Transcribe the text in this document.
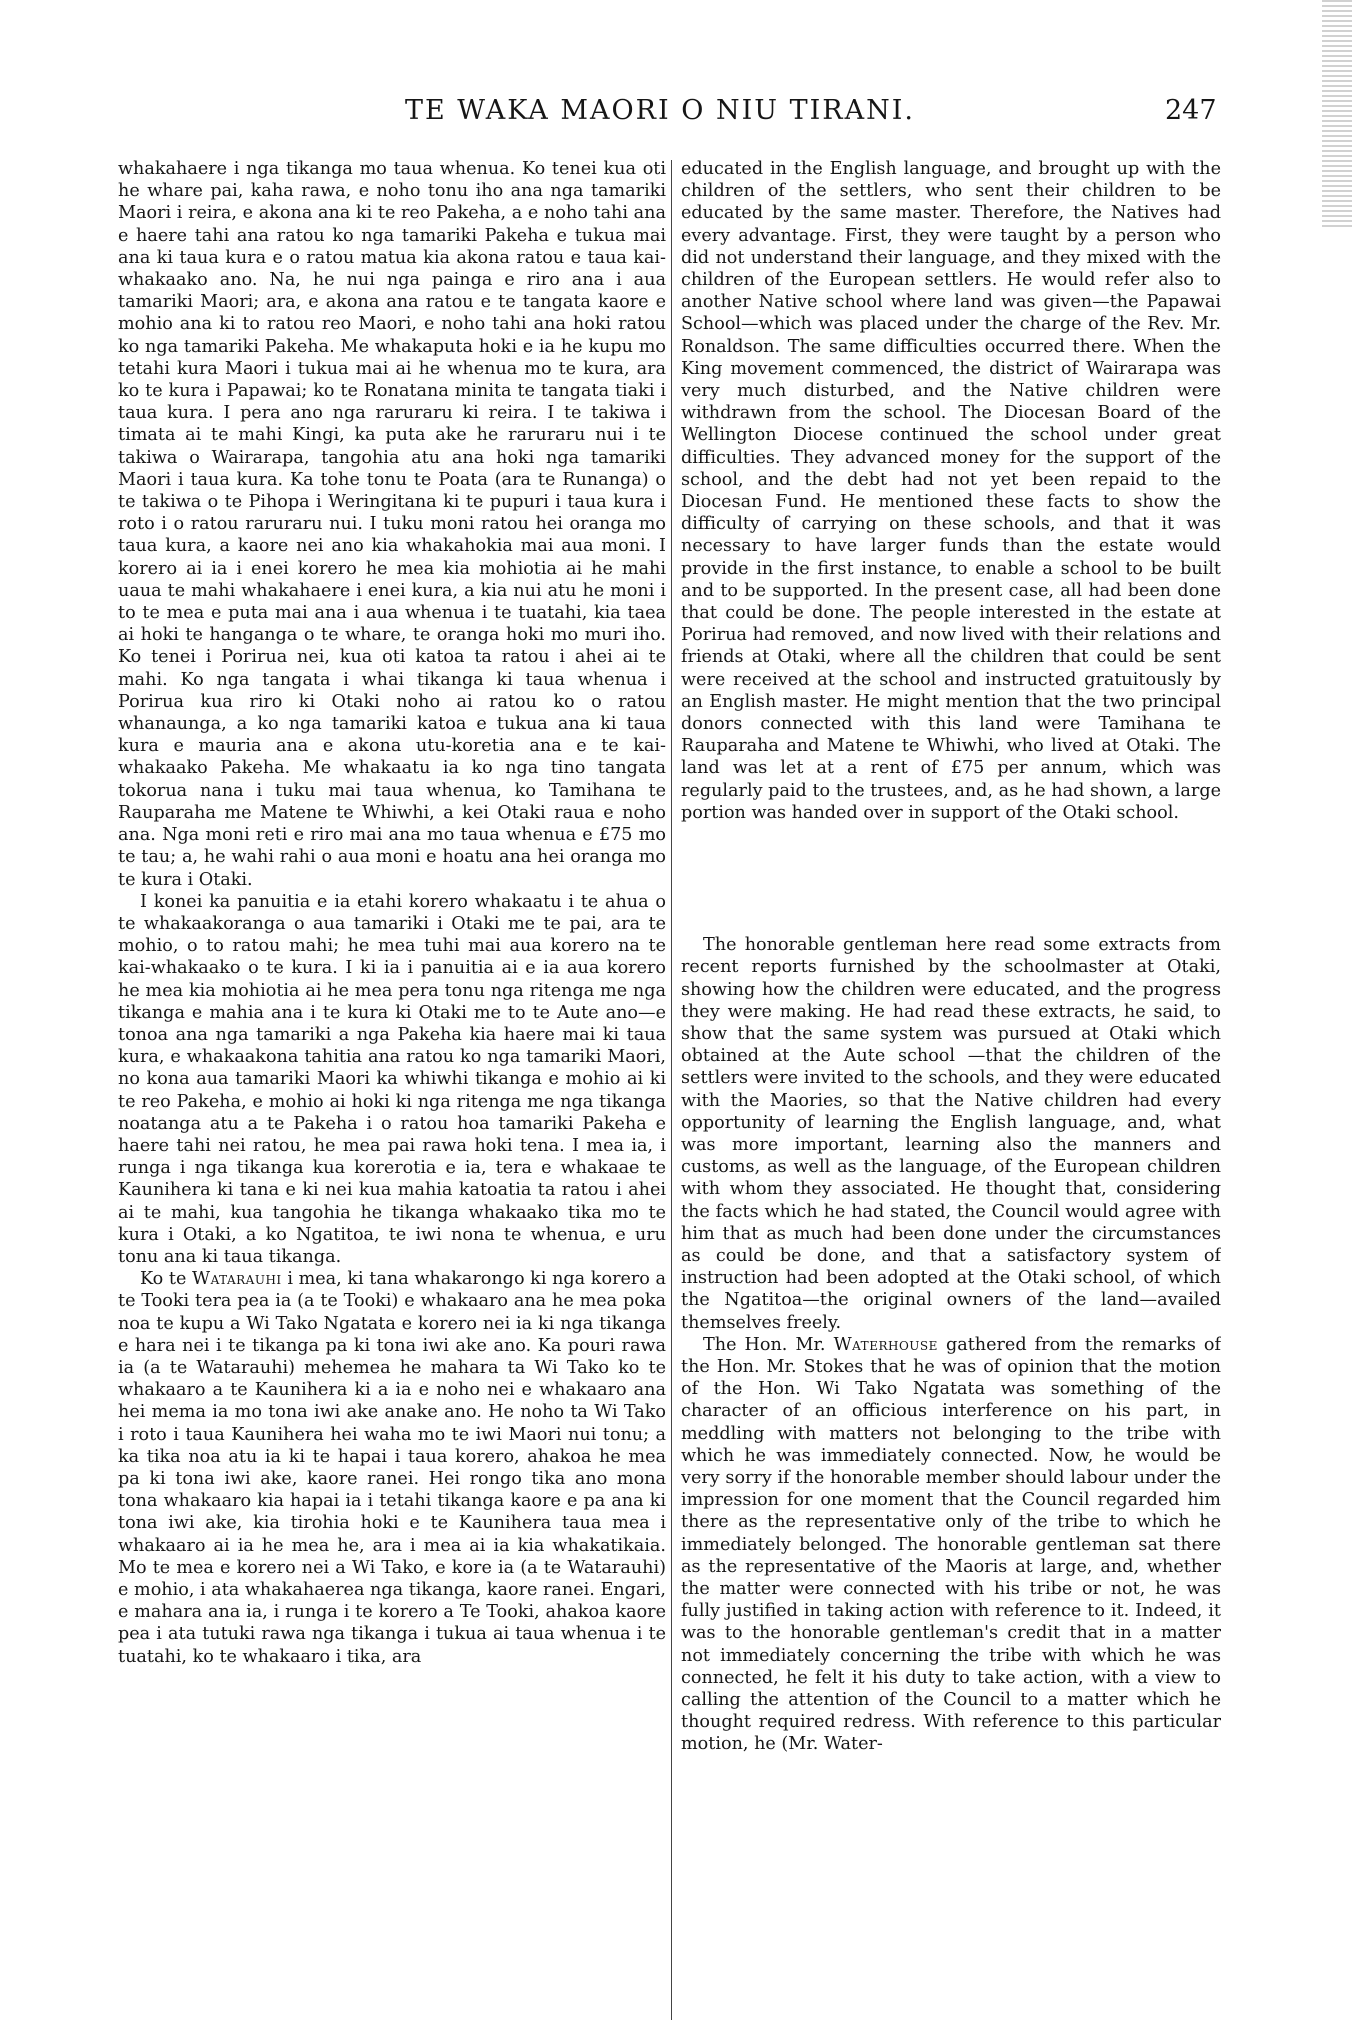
TE WAKA MAORI O NIU TIRANI.	247

whakahaere i nga tikanga mo taua whenua. Ko tenei kua oti he whare pai, kaha rawa, e noho tonu iho ana nga tamariki Maori i reira, e akona ana ki te reo Pakeha, a e noho tahi ana e haere tahi ana ratou ko nga tamariki Pakeha e tukua mai ana ki taua kura e o ratou matua kia akona ratou e taua kai-whakaako ano. Na, he nui nga painga e riro ana i aua tamariki Maori; ara, e akona ana ratou e te tangata kaore e mohio ana ki to ratou reo Maori, e noho tahi ana hoki ratou ko nga tamariki Pakeha. Me whakaputa hoki e ia he kupu mo tetahi kura Maori i tukua mai ai he whenua mo te kura, ara ko te kura i Papawai; ko te Ronatana minita te tangata tiaki i taua kura. I pera ano nga raruraru ki reira. I te takiwa i timata ai te mahi Kingi, ka puta ake he raruraru nui i te takiwa o Wairarapa, tangohia atu ana hoki nga tamariki Maori i taua kura. Ka tohe tonu te Poata (ara te Runanga) o te takiwa o te Pihopa i Weringitana ki te pupuri i taua kura i roto i o ratou raruraru nui. I tuku moni ratou hei oranga mo taua kura, a kaore nei ano kia whakahokia mai aua moni. I korero ai ia i enei korero he mea kia mohiotia ai he mahi uaua te mahi whakahaere i enei kura, a kia nui atu he moni i to te mea e puta mai ana i aua whenua i te tuatahi, kia taea ai hoki te hanganga o te whare, te oranga hoki mo muri iho. Ko tenei i Porirua nei, kua oti katoa ta ratou i ahei ai te mahi. Ko nga tangata i whai tikanga ki taua whenua i Porirua kua riro ki Otaki noho ai ratou ko o ratou whanaunga, a ko nga tamariki katoa e tukua ana ki taua kura e mauria ana e akona utu-koretia ana e te kai-whakaako Pakeha. Me whakaatu ia ko nga tino tangata tokorua nana i tuku mai taua whenua, ko Tamihana te Rauparaha me Matene te Whiwhi, a kei Otaki raua e noho ana. Nga moni reti e riro mai ana mo taua whenua e £75 mo te tau; a, he wahi rahi o aua moni e hoatu ana hei oranga mo te kura i Otaki.

I konei ka panuitia e ia etahi korero whakaatu i te ahua o te whakaakoranga o aua tamariki i Otaki me te pai, ara te mohio, o to ratou mahi; he mea tuhi mai aua korero na te kai-whakaako o te kura. I ki ia i panuitia ai e ia aua korero he mea kia mohiotia ai he mea pera tonu nga ritenga me nga tikanga e mahia ana i te kura ki Otaki me to te Aute ano—e tonoa ana nga tamariki a nga Pakeha kia haere mai ki taua kura, e whakaakona tahitia ana ratou ko nga tamariki Maori, no kona aua tamariki Maori ka whiwhi tikanga e mohio ai ki te reo Pakeha, e mohio ai hoki ki nga ritenga me nga tikanga noatanga atu a te Pakeha i o ratou hoa tamariki Pakeha e haere tahi nei ratou, he mea pai rawa hoki tena. I mea ia, i runga i nga tikanga kua korerotia e ia, tera e whakaae te Kaunihera ki tana e ki nei kua mahia katoatia ta ratou i ahei ai te mahi, kua tangohia he tikanga whakaako tika mo te kura i Otaki, a ko Ngatitoa, te iwi nona te whenua, e uru tonu ana ki taua tikanga.

Ko te Watarauhi i mea, ki tana whakarongo ki nga korero a te Tooki tera pea ia (a te Tooki) e whakaaro ana he mea poka noa te kupu a Wi Tako Ngatata e korero nei ia ki nga tikanga e hara nei i te tikanga pa ki tona iwi ake ano. Ka pouri rawa ia (a te Watarauhi) mehemea he mahara ta Wi Tako ko te whakaaro a te Kaunihera ki a ia e noho nei e whakaaro ana hei mema ia mo tona iwi ake anake ano. He noho ta Wi Tako i roto i taua Kaunihera hei waha mo te iwi Maori nui tonu; a ka tika noa atu ia ki te hapai i taua korero, ahakoa he mea pa ki tona iwi ake, kaore ranei. Hei rongo tika ano mona tona whakaaro kia hapai ia i tetahi tikanga kaore e pa ana ki tona iwi ake, kia tirohia hoki e te Kaunihera taua mea i whakaaro ai ia he mea he, ara i mea ai ia kia whakatikaia. Mo te mea e korero nei a Wi Tako, e kore ia (a te Watarauhi) e mohio, i ata whakahaerea nga tikanga, kaore ranei. Engari, e mahara ana ia, i runga i te korero a Te Tooki, ahakoa kaore pea i ata tutuki rawa nga tikanga i tukua ai taua whenua i te tuatahi, ko te whakaaro i tika, ara

educated in the English language, and brought up with the children of the settlers, who sent their children to be educated by the same master. Therefore, the Natives had every advantage. First, they were taught by a person who did not understand their language, and they mixed with the children of the European settlers. He would refer also to another Native school where land was given—the Papawai School—which was placed under the charge of the Rev. Mr. Ronaldson. The same difficulties occurred there. When the King movement commenced, the district of Wairarapa was very much disturbed, and the Native children were withdrawn from the school. The Diocesan Board of the Wellington Diocese continued the school under great difficulties. They advanced money for the support of the school, and the debt had not yet been repaid to the Diocesan Fund. He mentioned these facts to show the difficulty of carrying on these schools, and that it was necessary to have larger funds than the estate would provide in the first instance, to enable a school to be built and to be supported. In the present case, all had been done that could be done. The people interested in the estate at Porirua had removed, and now lived with their relations and friends at Otaki, where all the children that could be sent were received at the school and instructed gratuitously by an English master. He might mention that the two principal donors connected with this land were Tamihana te Rauparaha and Matene te Whiwhi, who lived at Otaki. The land was let at a rent of £75 per annum, which was regularly paid to the trustees, and, as he had shown, a large portion was handed over in support of the Otaki school.

The honorable gentleman here read some extracts from recent reports furnished by the schoolmaster at Otaki, showing how the children were educated, and the progress they were making. He had read these extracts, he said, to show that the same system was pursued at Otaki which obtained at the Aute school —that the children of the settlers were invited to the schools, and they were educated with the Maories, so that the Native children had every opportunity of learning the English language, and, what was more important, learning also the manners and customs, as well as the language, of the European children with whom they associated. He thought that, considering the facts which he had stated, the Council would agree with him that as much had been done under the circumstances as could be done, and that a satisfactory system of instruction had been adopted at the Otaki school, of which the Ngatitoa—the original owners of the land—availed themselves freely.

The Hon. Mr. Waterhouse gathered from the remarks of the Hon. Mr. Stokes that he was of opinion that the motion of the Hon. Wi Tako Ngatata was something of the character of an officious interference on his part, in meddling with matters not belonging to the tribe with which he was immediately connected. Now, he would be very sorry if the honorable member should labour under the impression for one moment that the Council regarded him there as the representative only of the tribe to which he immediately belonged. The honorable gentleman sat there as the representative of the Maoris at large, and, whether the matter were connected with his tribe or not, he was fully justified in taking action with reference to it. Indeed, it was to the honorable gentleman's credit that in a matter not immediately concerning the tribe with which he was connected, he felt it his duty to take action, with a view to calling the attention of the Council to a matter which he thought required redress. With reference to this particular motion, he (Mr. Water-
